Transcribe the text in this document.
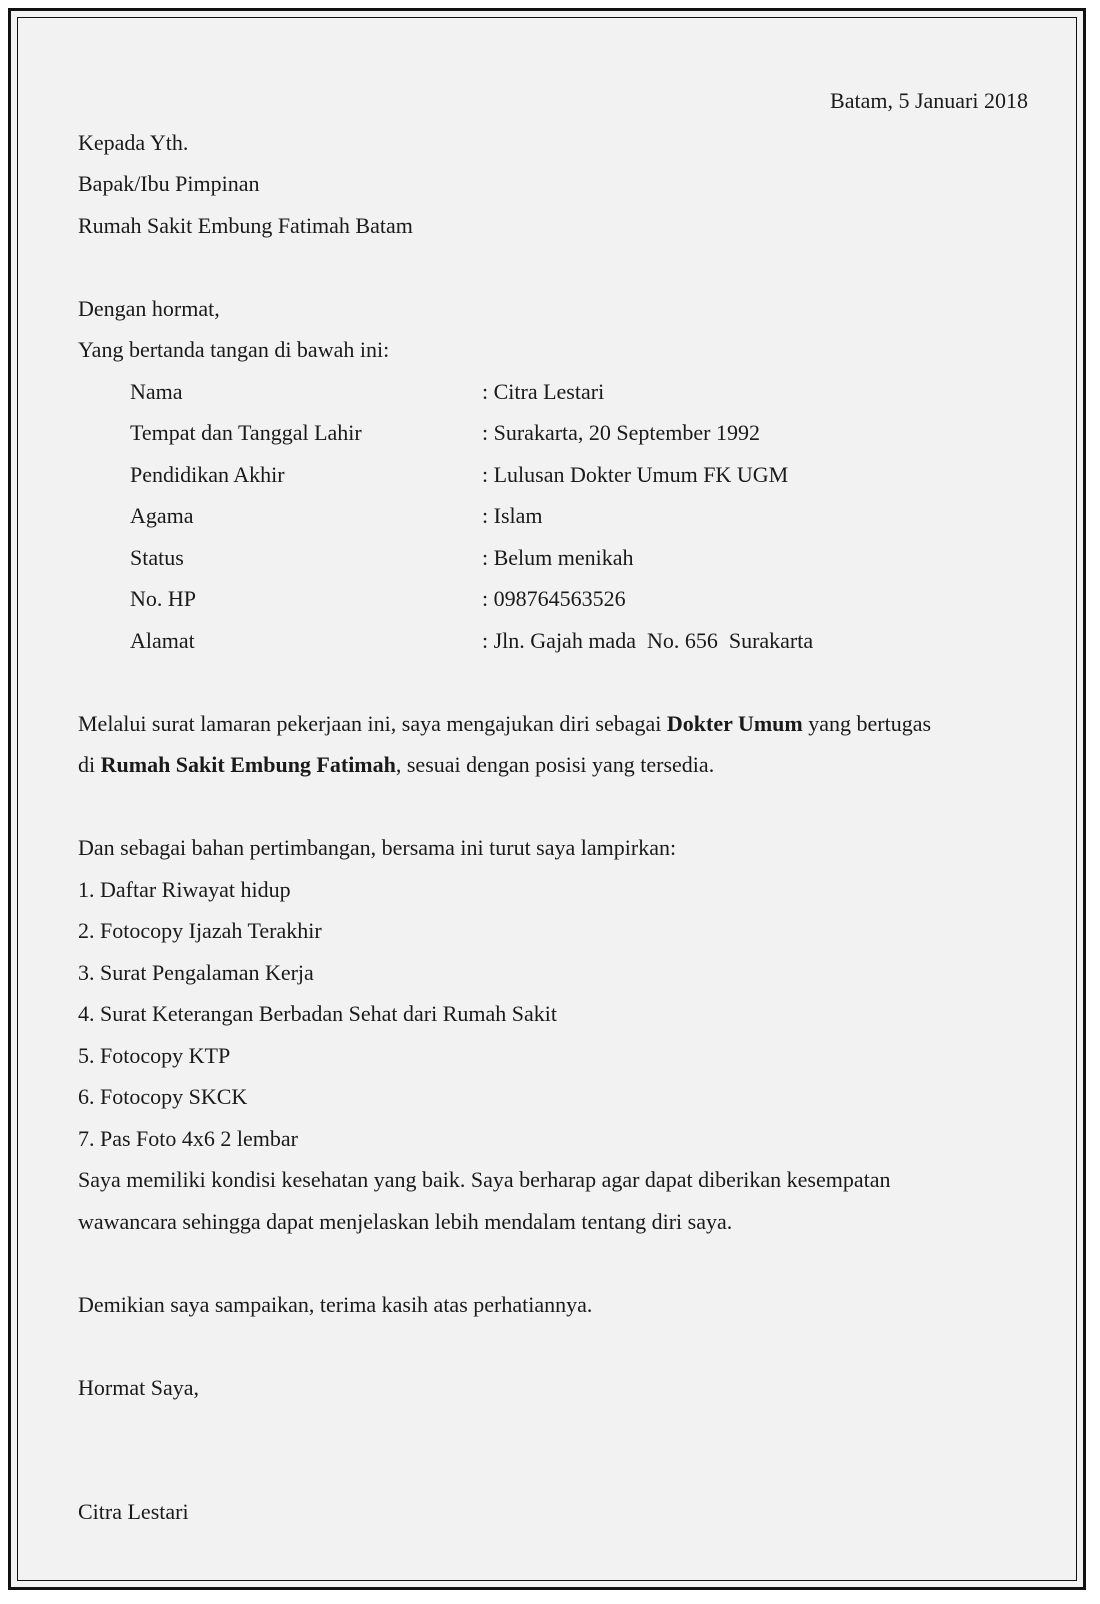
Batam, 5 Januari 2018
Kepada Yth.
Bapak/Ibu Pimpinan
Rumah Sakit Embung Fatimah Batam
Dengan hormat,
Yang bertanda tangan di bawah ini:
Nama	: Citra Lestari
Tempat dan Tanggal Lahir	: Surakarta, 20 September 1992
Pendidikan Akhir	: Lulusan Dokter Umum FK UGM
Agama	: Islam
Status	: Belum menikah
No. HP	: 098764563526
Alamat	: Jln. Gajah mada  No. 656  Surakarta
Melalui surat lamaran pekerjaan ini, saya mengajukan diri sebagai Dokter Umum yang bertugas
di Rumah Sakit Embung Fatimah, sesuai dengan posisi yang tersedia.
Dan sebagai bahan pertimbangan, bersama ini turut saya lampirkan:
1. Daftar Riwayat hidup
2. Fotocopy Ijazah Terakhir
3. Surat Pengalaman Kerja
4. Surat Keterangan Berbadan Sehat dari Rumah Sakit
5. Fotocopy KTP
6. Fotocopy SKCK
7. Pas Foto 4x6 2 lembar
Saya memiliki kondisi kesehatan yang baik. Saya berharap agar dapat diberikan kesempatan
wawancara sehingga dapat menjelaskan lebih mendalam tentang diri saya.
Demikian saya sampaikan, terima kasih atas perhatiannya.
Hormat Saya,
Citra Lestari
